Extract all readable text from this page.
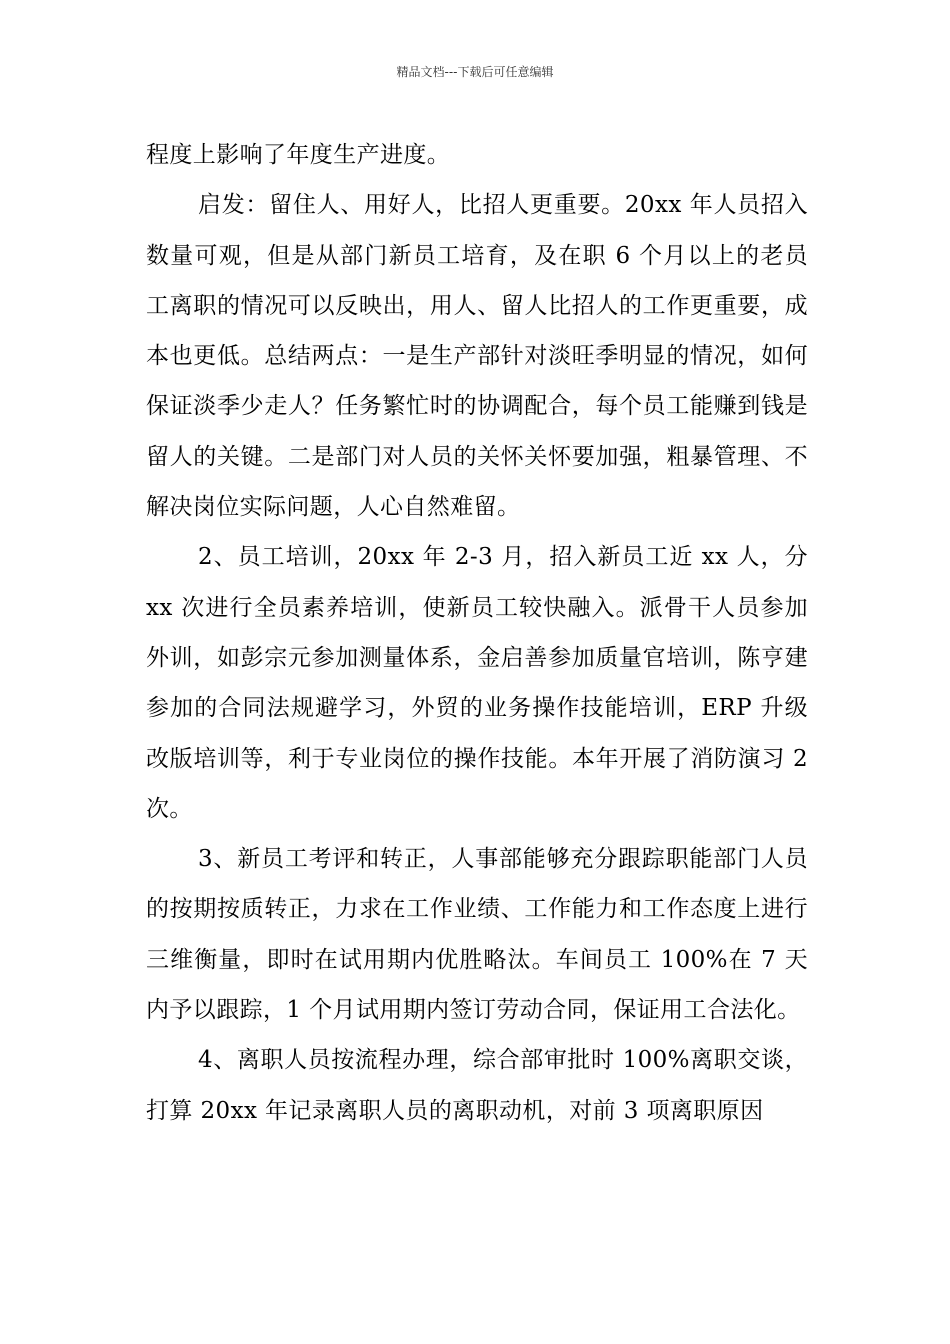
精品文档---下载后可任意编辑

程度上影响了年度生产进度。

启发：留住人、用好人，比招人更重要。20xx 年人员招入数量可观，但是从部门新员工培育，及在职 6 个月以上的老员工离职的情况可以反映出，用人、留人比招人的工作更重要，成本也更低。总结两点：一是生产部针对淡旺季明显的情况，如何保证淡季少走人？任务繁忙时的协调配合，每个员工能赚到钱是留人的关键。二是部门对人员的关怀关怀要加强，粗暴管理、不解决岗位实际问题，人心自然难留。

2、员工培训，20xx 年 2-3 月，招入新员工近 xx 人，分 xx 次进行全员素养培训，使新员工较快融入。派骨干人员参加外训，如彭宗元参加测量体系，金启善参加质量官培训，陈亨建参加的合同法规避学习，外贸的业务操作技能培训，ERP 升级改版培训等，利于专业岗位的操作技能。本年开展了消防演习 2 次。

3、新员工考评和转正，人事部能够充分跟踪职能部门人员的按期按质转正，力求在工作业绩、工作能力和工作态度上进行三维衡量，即时在试用期内优胜略汰。车间员工 100%在 7 天内予以跟踪，1 个月试用期内签订劳动合同，保证用工合法化。

4、离职人员按流程办理，综合部审批时 100%离职交谈，打算 20xx 年记录离职人员的离职动机，对前 3 项离职原因
